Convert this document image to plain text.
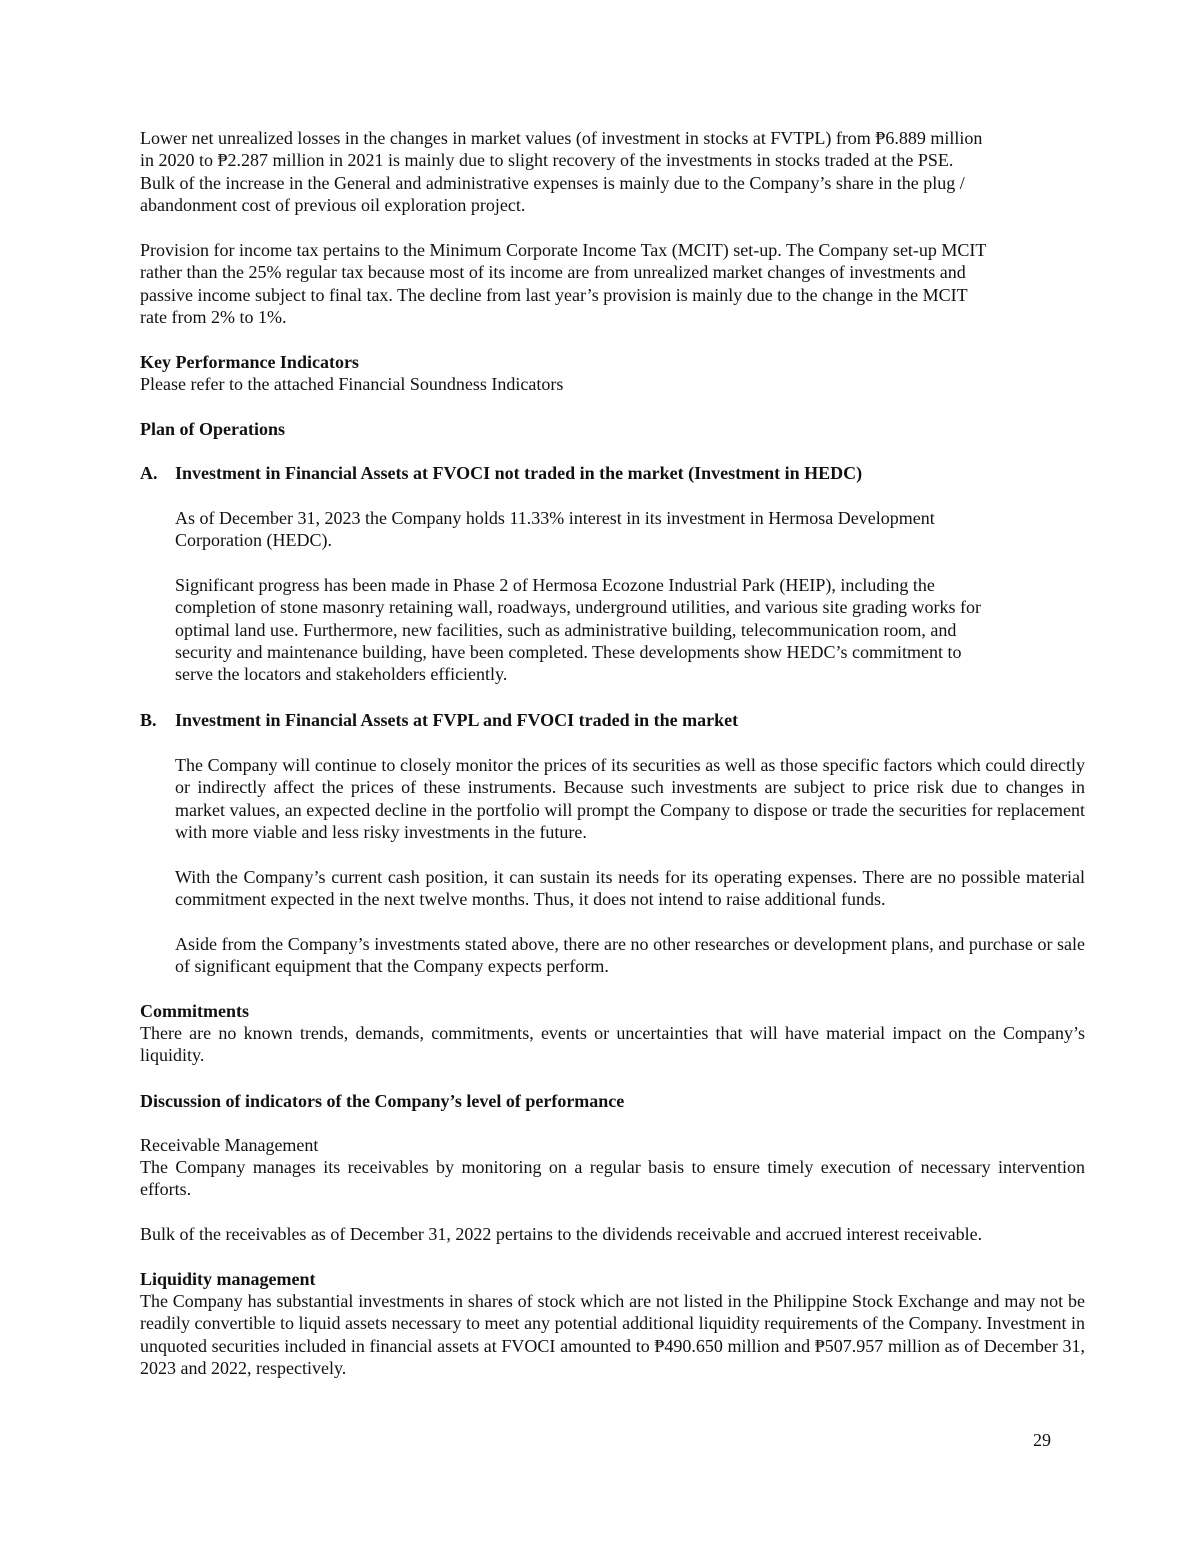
Lower net unrealized losses in the changes in market values (of investment in stocks at FVTPL) from ₱6.889 million
in 2020 to ₱2.287 million in 2021 is mainly due to slight recovery of the investments in stocks traded at the PSE.
Bulk of the increase in the General and administrative expenses is mainly due to the Company’s share in the plug /
abandonment cost of previous oil exploration project.

Provision for income tax pertains to the Minimum Corporate Income Tax (MCIT) set-up. The Company set-up MCIT
rather than the 25% regular tax because most of its income are from unrealized market changes of investments and
passive income subject to final tax. The decline from last year’s provision is mainly due to the change in the MCIT
rate from 2% to 1%.

Key Performance Indicators

Please refer to the attached Financial Soundness Indicators

Plan of Operations

A. Investment in Financial Assets at FVOCI not traded in the market (Investment in HEDC)

As of December 31, 2023 the Company holds 11.33% interest in its investment in Hermosa Development
Corporation (HEDC).

Significant progress has been made in Phase 2 of Hermosa Ecozone Industrial Park (HEIP), including the
completion of stone masonry retaining wall, roadways, underground utilities, and various site grading works for
optimal land use. Furthermore, new facilities, such as administrative building, telecommunication room, and
security and maintenance building, have been completed. These developments show HEDC’s commitment to
serve the locators and stakeholders efficiently.

B. Investment in Financial Assets at FVPL and FVOCI traded in the market

The Company will continue to closely monitor the prices of its securities as well as those specific factors which could directly or indirectly affect the prices of these instruments. Because such investments are subject to price risk due to changes in market values, an expected decline in the portfolio will prompt the Company to dispose or trade the securities for replacement with more viable and less risky investments in the future.

With the Company’s current cash position, it can sustain its needs for its operating expenses. There are no possible material commitment expected in the next twelve months. Thus, it does not intend to raise additional funds.

Aside from the Company’s investments stated above, there are no other researches or development plans, and purchase or sale of significant equipment that the Company expects perform.

Commitments

There are no known trends, demands, commitments, events or uncertainties that will have material impact on the Company’s liquidity.

Discussion of indicators of the Company’s level of performance

Receivable Management

The Company manages its receivables by monitoring on a regular basis to ensure timely execution of necessary intervention efforts.

Bulk of the receivables as of December 31, 2022 pertains to the dividends receivable and accrued interest receivable.

Liquidity management

The Company has substantial investments in shares of stock which are not listed in the Philippine Stock Exchange and may not be readily convertible to liquid assets necessary to meet any potential additional liquidity requirements of the Company. Investment in unquoted securities included in financial assets at FVOCI amounted to ₱490.650 million and ₱507.957 million as of December 31, 2023 and 2022, respectively.

29
